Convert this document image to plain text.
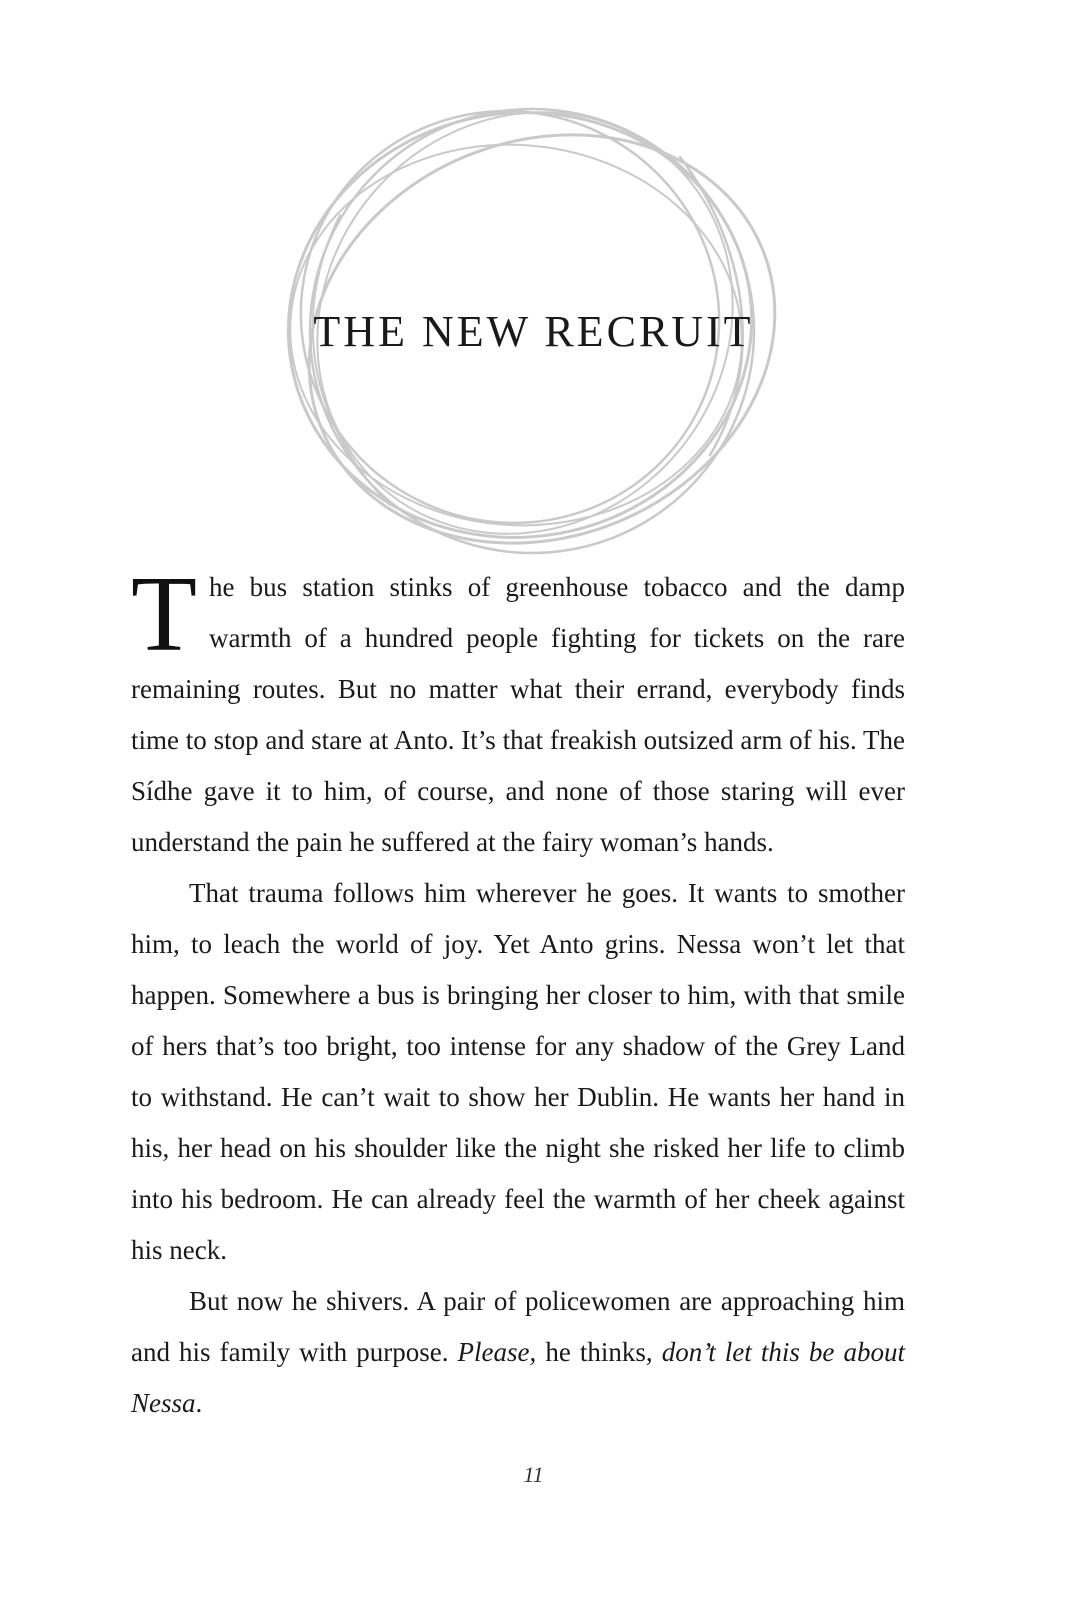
THE NEW RECRUIT

The bus station stinks of greenhouse tobacco and the damp warmth of a hundred people fighting for tickets on the rare remaining routes. But no matter what their errand, everybody finds time to stop and stare at Anto. It’s that freakish outsized arm of his. The Sídhe gave it to him, of course, and none of those staring will ever understand the pain he suffered at the fairy woman’s hands.

That trauma follows him wherever he goes. It wants to smother him, to leach the world of joy. Yet Anto grins. Nessa won’t let that happen. Somewhere a bus is bringing her closer to him, with that smile of hers that’s too bright, too intense for any shadow of the Grey Land to withstand. He can’t wait to show her Dublin. He wants her hand in his, her head on his shoulder like the night she risked her life to climb into his bedroom. He can already feel the warmth of her cheek against his neck.

But now he shivers. A pair of policewomen are approaching him and his family with purpose. Please, he thinks, don’t let this be about Nessa.

11
